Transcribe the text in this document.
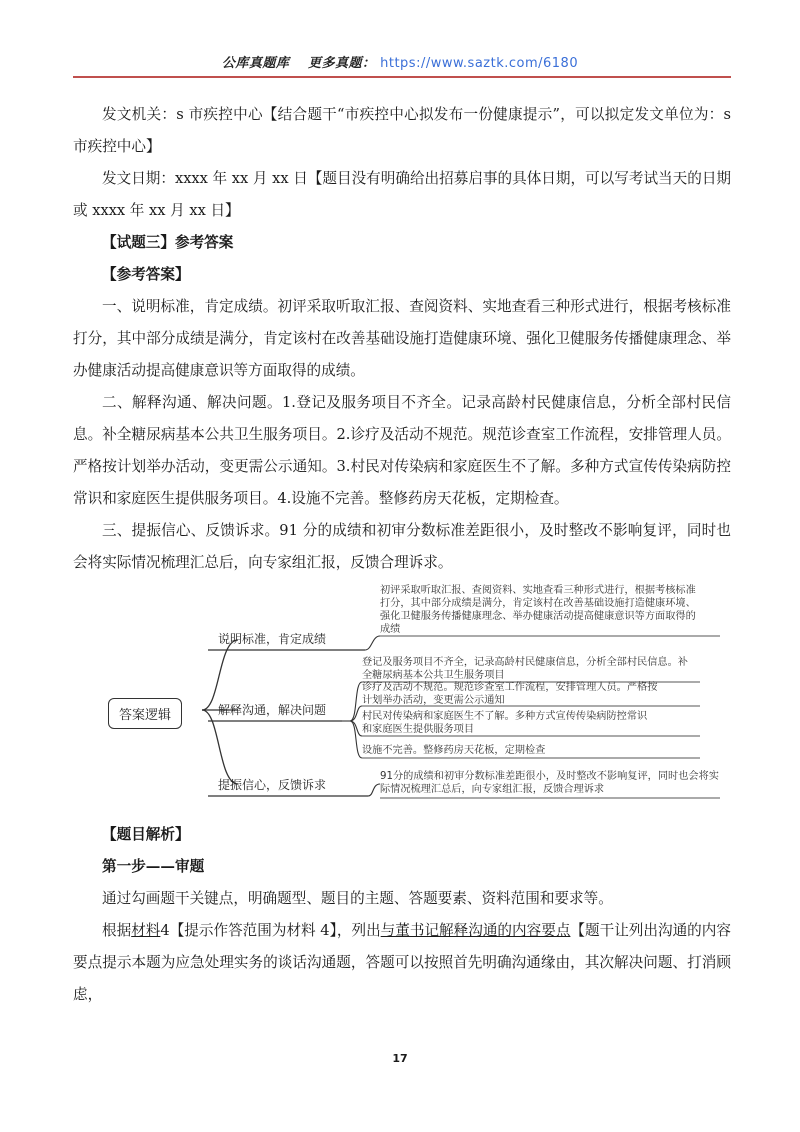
公库真题库 更多真题： https://www.saztk.com/6180

发文机关：s 市疾控中心【结合题干“市疾控中心拟发布一份健康提示”，可以拟定发文单位为：s 市疾控中心】

发文日期：xxxx 年 xx 月 xx 日【题目没有明确给出招募启事的具体日期，可以写考试当天的日期或 xxxx 年 xx 月 xx 日】

【试题三】参考答案

【参考答案】

一、说明标准，肯定成绩。初评采取听取汇报、查阅资料、实地查看三种形式进行，根据考核标准打分，其中部分成绩是满分，肯定该村在改善基础设施打造健康环境、强化卫健服务传播健康理念、举办健康活动提高健康意识等方面取得的成绩。

二、解释沟通、解决问题。1.登记及服务项目不齐全。记录高龄村民健康信息，分析全部村民信息。补全糖尿病基本公共卫生服务项目。2.诊疗及活动不规范。规范诊查室工作流程，安排管理人员。严格按计划举办活动，变更需公示通知。3.村民对传染病和家庭医生不了解。多种方式宣传传染病防控常识和家庭医生提供服务项目。4.设施不完善。整修药房天花板，定期检查。

三、提振信心、反馈诉求。91 分的成绩和初审分数标准差距很小，及时整改不影响复评，同时也会将实际情况梳理汇总后，向专家组汇报，反馈合理诉求。

答案逻辑
说明标准，肯定成绩
解释沟通，解决问题
提振信心，反馈诉求
初评采取听取汇报、查阅资料、实地查看三种形式进行，根据考核标准打分，其中部分成绩是满分，肯定该村在改善基础设施打造健康环境、强化卫健服务传播健康理念、举办健康活动提高健康意识等方面取得的成绩
登记及服务项目不齐全，记录高龄村民健康信息，分析全部村民信息。补全糖尿病基本公共卫生服务项目
诊疗及活动不规范。规范诊查室工作流程，安排管理人员。严格按计划举办活动，变更需公示通知
村民对传染病和家庭医生不了解。多种方式宣传传染病防控常识和家庭医生提供服务项目
设施不完善。整修药房天花板，定期检查
91分的成绩和初审分数标准差距很小，及时整改不影响复评，同时也会将实际情况梳理汇总后，向专家组汇报，反馈合理诉求

【题目解析】

第一步——审题

通过勾画题干关键点，明确题型、题目的主题、答题要素、资料范围和要求等。

根据材料4【提示作答范围为材料 4】，列出与董书记解释沟通的内容要点【题干让列出沟通的内容要点提示本题为应急处理实务的谈话沟通题，答题可以按照首先明确沟通缘由，其次解决问题、打消顾虑，

17
